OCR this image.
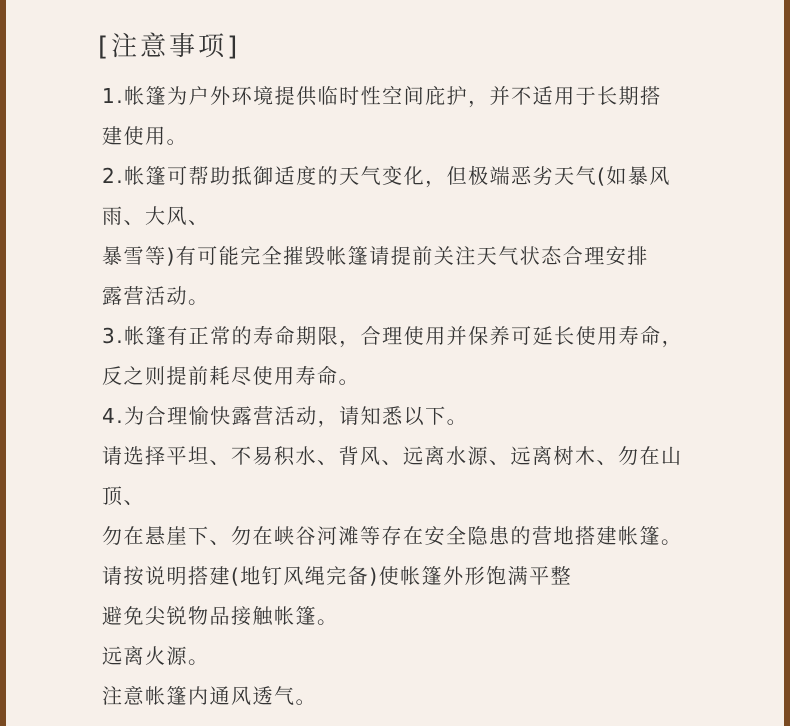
[注意事项]
1.帐篷为户外环境提供临时性空间庇护，并不适用于长期搭
建使用。
2.帐篷可帮助抵御适度的天气变化，但极端恶劣天气(如暴风
雨、大风、
暴雪等)有可能完全摧毁帐篷请提前关注天气状态合理安排
露营活动。
3.帐篷有正常的寿命期限，合理使用并保养可延长使用寿命，
反之则提前耗尽使用寿命。
4.为合理愉快露营活动，请知悉以下。
请选择平坦、不易积水、背风、远离水源、远离树木、勿在山
顶、
勿在悬崖下、勿在峡谷河滩等存在安全隐患的营地搭建帐篷。
请按说明搭建(地钉风绳完备)使帐篷外形饱满平整
避免尖锐物品接触帐篷。
远离火源。
注意帐篷内通风透气。
